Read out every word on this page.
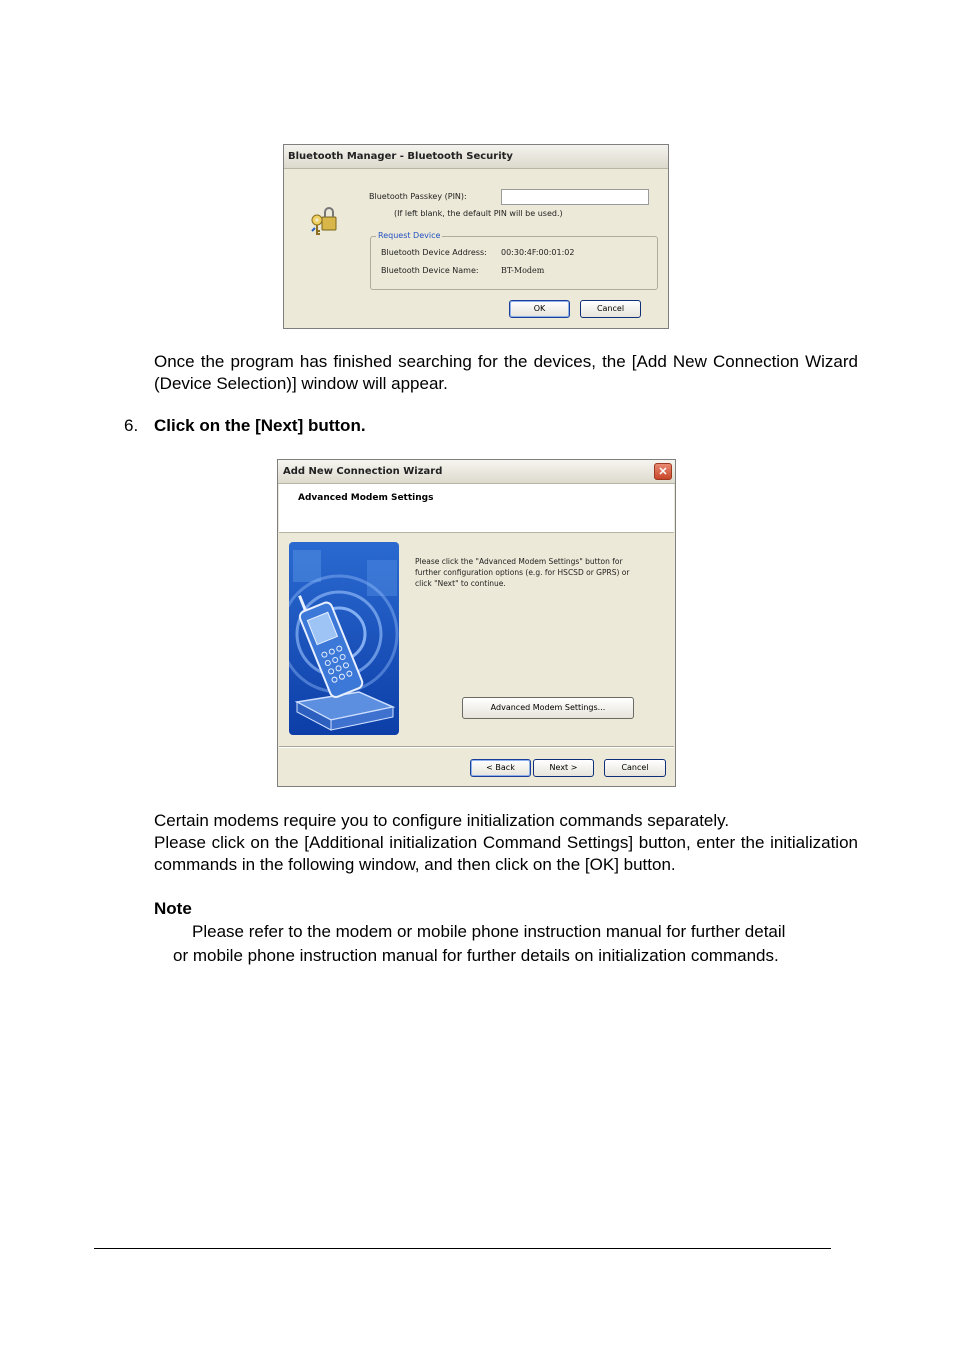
Bluetooth Manager - Bluetooth Security
Bluetooth Passkey (PIN):
(If left blank, the default PIN will be used.)
Request Device
Bluetooth Device Address: 00:30:4F:00:01:02
Bluetooth Device Name:	BT-Modem
OK	Cancel
Once the program has finished searching for the devices, the [Add New Connection Wizard (Device Selection)] window will appear.
6. Click on the [Next] button.
Add New Connection Wizard	✕
Advanced Modem Settings
Please click the "Advanced Modem Settings" button for further configuration options (e.g. for HSCSD or GPRS) or click "Next" to continue.
Advanced Modem Settings...
< Back	Next >	Cancel
Certain modems require you to configure initialization commands separately.
Please click on the [Additional initialization Command Settings] button, enter the initialization commands in the following window, and then click on the [OK] button.
Note
Please refer to the modem or mobile phone instruction manual for further detail
or mobile phone instruction manual for further details on initialization commands.
